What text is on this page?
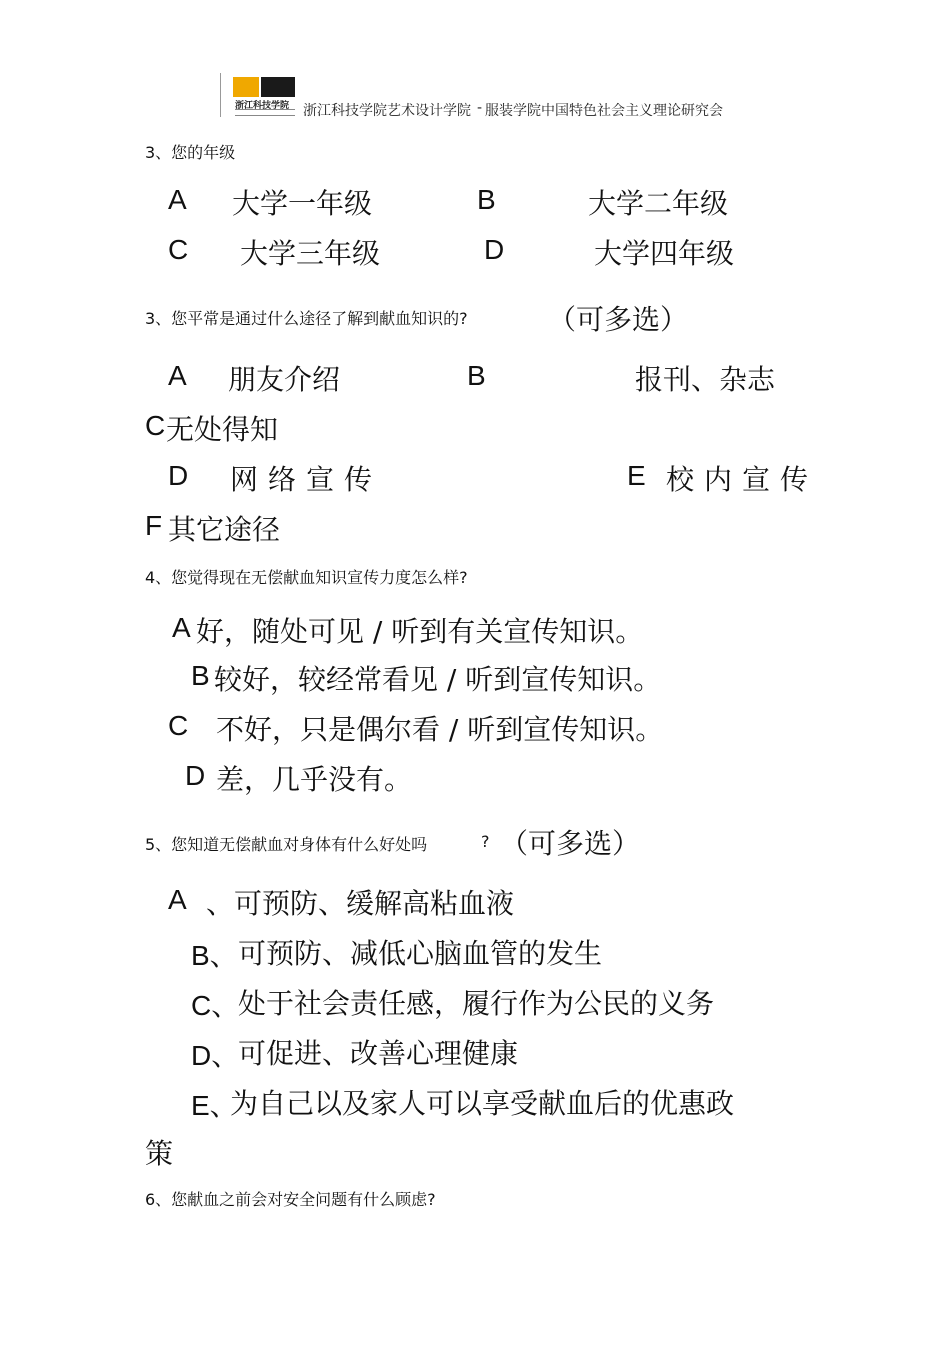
浙江科技学院 浙江科技学院艺术设计学院 - 服装学院中国特色社会主义理论研究会
3、您的年级
A 大学一年级	B	大学二年级
C 大学三年级	D	大学四年级
3、您平常是通过什么途径了解到献血知识的?	（可多选）
A 朋友介绍	B	报刊、杂志
C 无处得知
D 网络宣传	E 校内宣传
F 其它途径
4、您觉得现在无偿献血知识宣传力度怎么样?
A 好，随处可见 / 听到有关宣传知识。
B 较好，较经常看见 / 听到宣传知识。
C 不好，只是偶尔看 / 听到宣传知识。
D 差，几乎没有。
5、您知道无偿献血对身体有什么好处吗	? （可多选）
A 、可预防、缓解高粘血液
B、 可预防、减低心脑血管的发生
C、
处于社会责任感，履行作为公民的义务
D、
可促进、改善心理健康
E、
为自己以及家人可以享受献血后的优惠政
策
6、您献血之前会对安全问题有什么顾虑?
